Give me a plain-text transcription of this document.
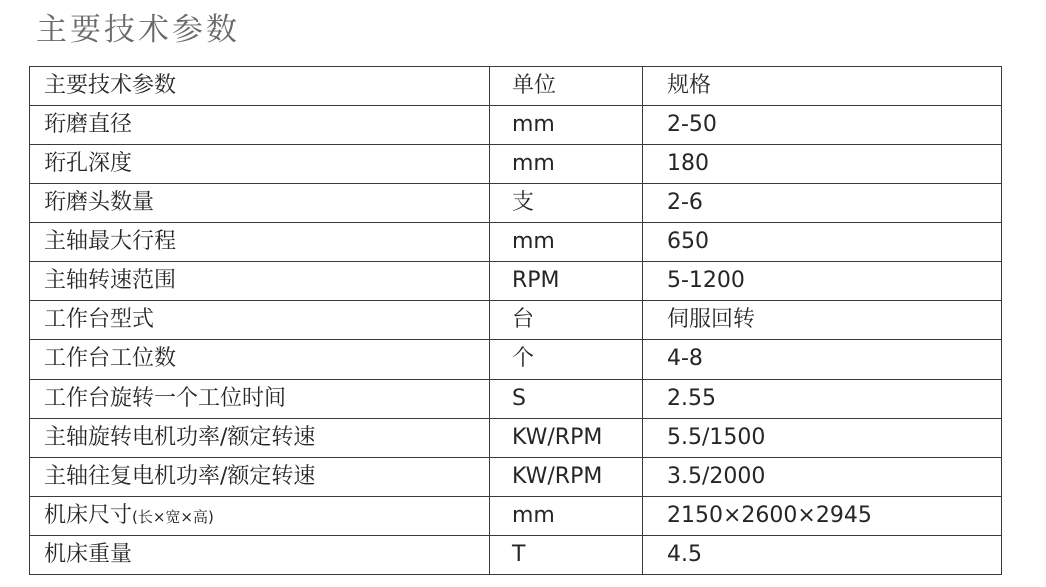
主要技术参数
主要技术参数	单位	规格
珩磨直径	mm	2-50
珩孔深度	mm	180
珩磨头数量	支	2-6
主轴最大行程	mm	650
主轴转速范围	RPM	5-1200
工作台型式	台	伺服回转
工作台工位数	个	4-8
工作台旋转一个工位时间	S	2.55
主轴旋转电机功率/额定转速	KW/RPM	5.5/1500
主轴往复电机功率/额定转速	KW/RPM	3.5/2000
机床尺寸(长×宽×高)	mm	2150×2600×2945
机床重量	T	4.5
